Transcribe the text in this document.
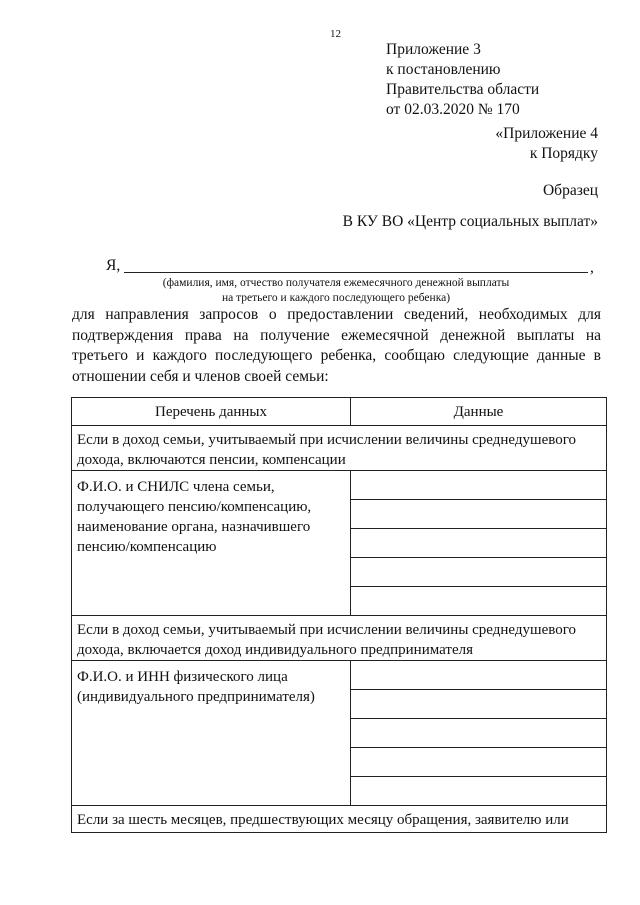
12
Приложение 3
к постановлению
Правительства области
от 02.03.2020 № 170
«Приложение 4
к Порядку
Образец
В КУ ВО «Центр социальных выплат»
Я,	,
(фамилия, имя, отчество получателя ежемесячного денежной выплаты
на третьего и каждого последующего ребенка)
для направления запросов о предоставлении сведений, необходимых для подтверждения права на получение ежемесячной денежной выплаты на третьего и каждого последующего ребенка, сообщаю следующие данные в отношении себя и членов своей семьи:
Перечень данных	Данные
Если в доход семьи, учитываемый при исчислении величины среднедушевого дохода, включаются пенсии, компенсации	
Ф.И.О. и СНИЛС члена семьи, получающего пенсию/компенсацию, наименование органа, назначившего пенсию/компенсацию	

Если в доход семьи, учитываемый при исчислении величины среднедушевого дохода, включается доход индивидуального предпринимателя	
Ф.И.О. и ИНН физического лица (индивидуального предпринимателя)	

Если за шесть месяцев, предшествующих месяцу обращения, заявителю или	
